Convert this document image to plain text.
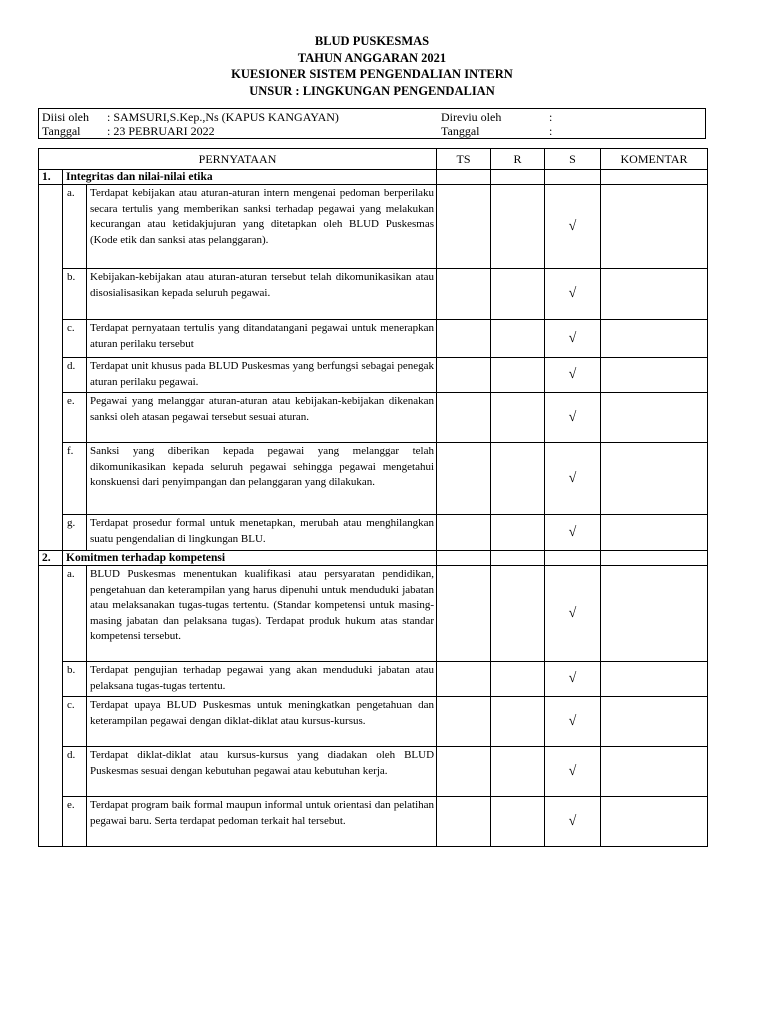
BLUD PUSKESMAS
TAHUN ANGGARAN 2021
KUESIONER SISTEM PENGENDALIAN INTERN
UNSUR : LINGKUNGAN PENGENDALIAN
Diisi oleh : SAMSURI,S.Kep.,Ns (KAPUS KANGAYAN)
Tanggal : 23 PEBRUARI 2022
Direviu oleh	:
Tanggal	:
PERNYATAAN			TS	R	S	KOMENTAR
1.	Integritas dan nilai-nilai etika					
	a.	Terdapat kebijakan atau aturan-aturan intern mengenai pedoman berperilaku secara tertulis yang memberikan sanksi terhadap pegawai yang melakukan kecurangan atau ketidakjujuran yang ditetapkan oleh BLUD Puskesmas (Kode etik dan sanksi atas pelanggaran).			√	
	b.	Kebijakan-kebijakan atau aturan-aturan tersebut telah dikomunikasikan atau disosialisasikan kepada seluruh pegawai.			√	
	c.	Terdapat pernyataan tertulis yang ditandatangani pegawai untuk menerapkan aturan perilaku tersebut			√	
	d.	Terdapat unit khusus pada BLUD Puskesmas yang berfungsi sebagai penegak aturan perilaku pegawai.			√	
	e.	Pegawai yang melanggar aturan-aturan atau kebijakan-kebijakan dikenakan sanksi oleh atasan pegawai tersebut sesuai aturan.			√	
	f.	Sanksi yang diberikan kepada pegawai yang melanggar telah dikomunikasikan kepada seluruh pegawai sehingga pegawai mengetahui konskuensi dari penyimpangan dan pelanggaran yang dilakukan.			√	
	g.	Terdapat prosedur formal untuk menetapkan, merubah atau menghilangkan suatu pengendalian di lingkungan BLU.			√	
2.	Komitmen terhadap kompetensi					
	a.	BLUD Puskesmas menentukan kualifikasi atau persyaratan pendidikan, pengetahuan dan keterampilan yang harus dipenuhi untuk menduduki jabatan atau melaksanakan tugas-tugas tertentu. (Standar kompetensi untuk masing-masing jabatan dan pelaksana tugas). Terdapat produk hukum atas standar kompetensi tersebut.			√	
	b.	Terdapat pengujian terhadap pegawai yang akan menduduki jabatan atau pelaksana tugas-tugas tertentu.			√	
	c.	Terdapat upaya BLUD Puskesmas untuk meningkatkan pengetahuan dan keterampilan pegawai dengan diklat-diklat atau kursus-kursus.			√	
	d.	Terdapat diklat-diklat atau kursus-kursus yang diadakan oleh BLUD Puskesmas sesuai dengan kebutuhan pegawai atau kebutuhan kerja.			√	
	e.	Terdapat program baik formal maupun informal untuk orientasi dan pelatihan pegawai baru. Serta terdapat pedoman terkait hal tersebut.			√	
